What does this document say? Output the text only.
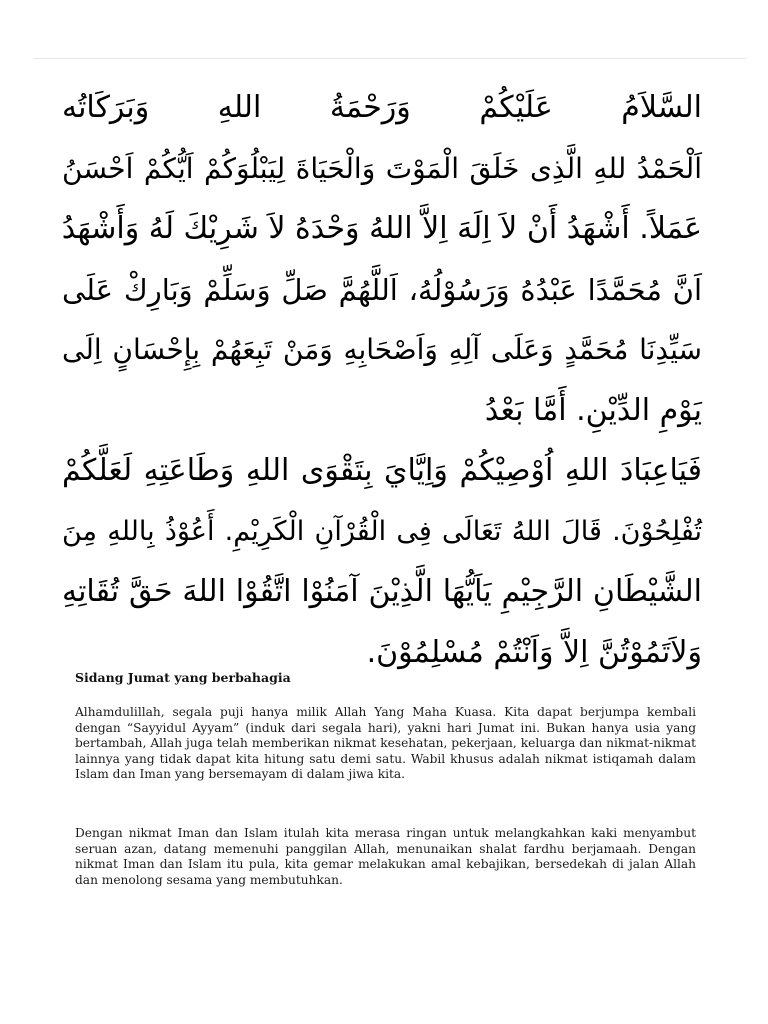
السَّلاَمُ عَلَيْكُمْ وَرَحْمَةُ اللهِ وَبَرَكَاتُه
اَلْحَمْدُ للهِ الَّذِى خَلَقَ الْمَوْتَ وَالْحَيَاةَ لِيَبْلُوَكُمْ اَيُّكُمْ اَحْسَنُ
عَمَلاً. أَشْهَدُ أَنْ لاَ اِلَهَ اِلاَّ اللهُ وَحْدَهُ لاَ شَرِيْكَ لَهُ وَأَشْهَدُ
اَنَّ مُحَمَّدًا عَبْدُهُ وَرَسُوْلُهُ، اَللَّهُمَّ صَلِّ وَسَلِّمْ وَبَارِكْ عَلَى
سَيِّدِنَا مُحَمَّدٍ وَعَلَى آلِهِ وَاَصْحَابِهِ وَمَنْ تَبِعَهُمْ بِإِحْسَانٍ اِلَى
يَوْمِ الدِّيْنِ. أَمَّا بَعْدُ
فَيَاعِبَادَ اللهِ اُوْصِيْكُمْ وَاِيَّايَ بِتَقْوَى اللهِ وَطَاعَتِهِ لَعَلَّكُمْ
تُفْلِحُوْنَ. قَالَ اللهُ تَعَالَى فِى الْقُرْآنِ الْكَرِيْمِ. أَعُوْذُ بِاللهِ مِنَ
الشَّيْطَانِ الرَّجِيْمِ يَاَيُّهَا الَّذِيْنَ آمَنُوْا اتَّقُوْا اللهَ حَقَّ تُقَاتِهِ
وَلاَتَمُوْتُنَّ اِلاَّ وَاَنْتُمْ مُسْلِمُوْنَ.
Sidang Jumat yang berbahagia

Alhamdulillah, segala puji hanya milik Allah Yang Maha Kuasa. Kita dapat berjumpa kembali dengan “Sayyidul Ayyam” (induk dari segala hari), yakni hari Jumat ini. Bukan hanya usia yang bertambah, Allah juga telah memberikan nikmat kesehatan, pekerjaan, keluarga dan nikmat-nikmat lainnya yang tidak dapat kita hitung satu demi satu. Wabil khusus adalah nikmat istiqamah dalam Islam dan Iman yang bersemayam di dalam jiwa kita.

Dengan nikmat Iman dan Islam itulah kita merasa ringan untuk melangkahkan kaki menyambut seruan azan, datang memenuhi panggilan Allah, menunaikan shalat fardhu berjamaah. Dengan nikmat Iman dan Islam itu pula, kita gemar melakukan amal kebajikan, bersedekah di jalan Allah dan menolong sesama yang membutuhkan.
